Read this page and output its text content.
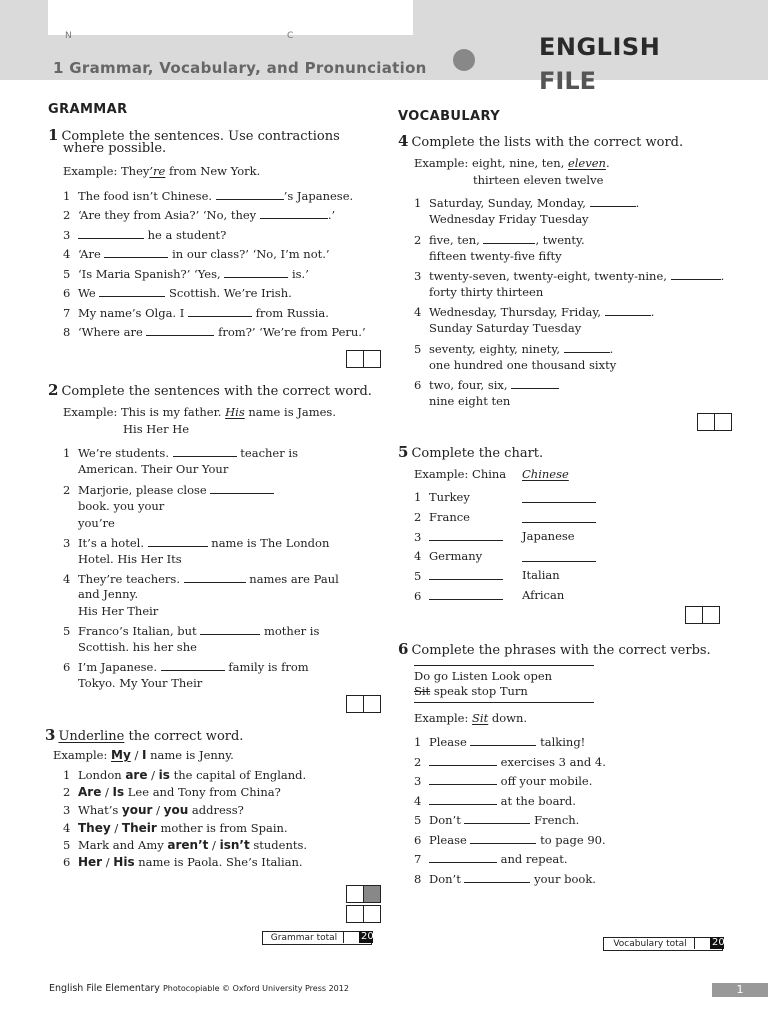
N	C
1 Grammar, Vocabulary, and Pronunciation
ENGLISH
FILE
GRAMMAR
1 Complete the sentences. Use contractions
where possible.
Example: They’re from New York.
1 The food isn’t Chinese.	’s Japanese.
2 ‘Are they from Asia?’ ‘No, they	.’
3	he a student?
4 ‘Are	in our class?’ ‘No, I’m not.’
5 ‘Is Maria Spanish?’ ‘Yes,	is.’
6 We	Scottish. We’re Irish.
7 My name’s Olga. I	from Russia.
8 ‘Where are	from?’ ‘We’re from Peru.’
2 Complete the sentences with the correct word.
Example: This is my father. His name is James.
His Her He
1 We’re students.	teacher is
American. Their Our Your
2 Marjorie, please close
book. you your
you’re
3 It’s a hotel.	name is The London
Hotel. His Her Its
4 They’re teachers.	names are Paul
and Jenny.
His Her Their
5 Franco’s Italian, but	mother is
Scottish. his her she
6 I’m Japanese.	family is from
Tokyo. My Your Their
3 Underline the correct word.
Example: My / I name is Jenny.
1 London are / is the capital of England.
2 Are / Is Lee and Tony from China?
3 What’s your / you address?
4 They / Their mother is from Spain.
5 Mark and Amy aren’t / isn’t students.
6 Her / His name is Paola. She’s Italian.
Grammar total	20
VOCABULARY
4 Complete the lists with the correct word.
Example: eight, nine, ten, eleven.
thirteen eleven twelve
1 Saturday, Sunday, Monday,	.
Wednesday Friday Tuesday
2 five, ten,	, twenty.
fifteen twenty-five fifty
3 twenty-seven, twenty-eight, twenty-nine,	.
forty thirty thirteen
4 Wednesday, Thursday, Friday,	.
Sunday Saturday Tuesday
5 seventy, eighty, ninety,	.
one hundred one thousand sixty
6 two, four, six,
nine eight ten
5 Complete the chart.
Example: China Chinese
1 Turkey
2 France
3	Japanese
4 Germany
5	Italian
6	African
6 Complete the phrases with the correct verbs.
Do go Listen Look open
Sit speak stop Turn
Example: Sit down.
1 Please	talking!
2	exercises 3 and 4.
3	off your mobile.
4	at the board.
5 Don’t	French.
6 Please	to page 90.
7	and repeat.
8 Don’t	your book.
Vocabulary total	20
English File Elementary Photocopiable © Oxford University Press 2012	1
